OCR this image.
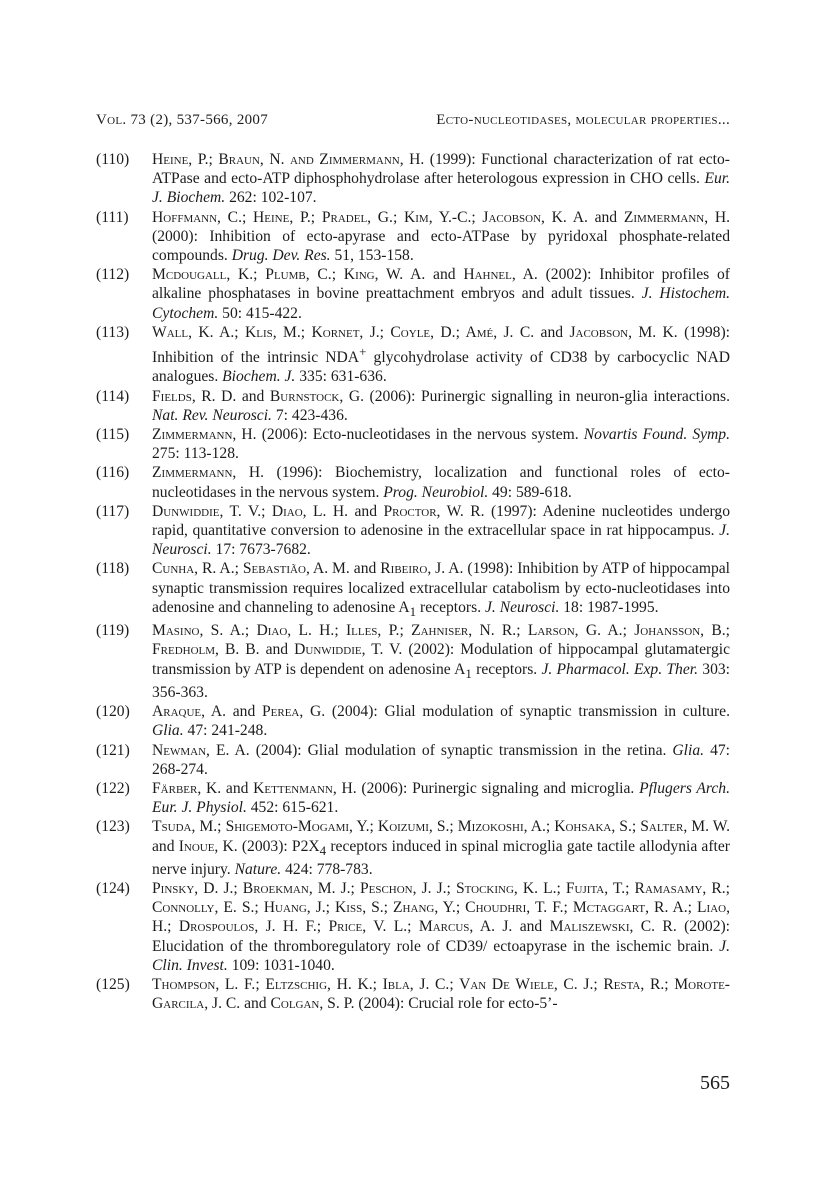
Vol. 73 (2), 537-566, 2007	Ecto-nucleotidases, molecular properties...
(110)	Heine, P.; Braun, N. and Zimmermann, H. (1999): Functional characterization of rat ecto-ATPase and ecto-ATP diphosphohydrolase after heterologous expression in CHO cells. Eur. J. Biochem. 262: 102-107.
(111)	Hoffmann, C.; Heine, P.; Pradel, G.; Kim, Y.-C.; Jacobson, K. A. and Zimmermann, H. (2000): Inhibition of ecto-apyrase and ecto-ATPase by pyridoxal phosphate-related compounds. Drug. Dev. Res. 51, 153-158.
(112)	Mcdougall, K.; Plumb, C.; King, W. A. and Hahnel, A. (2002): Inhibitor profiles of alkaline phosphatases in bovine preattachment embryos and adult tissues. J. Histochem. Cytochem. 50: 415-422.
(113)	Wall, K. A.; Klis, M.; Kornet, J.; Coyle, D.; Amé, J. C. and Jacobson, M. K. (1998): Inhibition of the intrinsic NDA+ glycohydrolase activity of CD38 by carbocyclic NAD analogues. Biochem. J. 335: 631-636.
(114)	Fields, R. D. and Burnstock, G. (2006): Purinergic signalling in neuron-glia interactions. Nat. Rev. Neurosci. 7: 423-436.
(115)	Zimmermann, H. (2006): Ecto-nucleotidases in the nervous system. Novartis Found. Symp. 275: 113-128.
(116)	Zimmermann, H. (1996): Biochemistry, localization and functional roles of ecto-nucleotidases in the nervous system. Prog. Neurobiol. 49: 589-618.
(117)	Dunwiddie, T. V.; Diao, L. H. and Proctor, W. R. (1997): Adenine nucleotides undergo rapid, quantitative conversion to adenosine in the extracellular space in rat hippocampus. J. Neurosci. 17: 7673-7682.
(118)	Cunha, R. A.; Sebastião, A. M. and Ribeiro, J. A. (1998): Inhibition by ATP of hippocampal synaptic transmission requires localized extracellular catabolism by ecto-nucleotidases into adenosine and channeling to adenosine $A_1$ receptors. J. Neurosci. 18: 1987-1995.
(119)	Masino, S. A.; Diao, L. H.; Illes, P.; Zahniser, N. R.; Larson, G. A.; Johansson, B.; Fredholm, B. B. and Dunwiddie, T. V. (2002): Modulation of hippocampal glutamatergic transmission by ATP is dependent on adenosine $A_1$ receptors. J. Pharmacol. Exp. Ther. 303: 356-363.
(120)	Araque, A. and Perea, G. (2004): Glial modulation of synaptic transmission in culture. Glia. 47: 241-248.
(121)	Newman, E. A. (2004): Glial modulation of synaptic transmission in the retina. Glia. 47: 268-274.
(122)	Färber, K. and Kettenmann, H. (2006): Purinergic signaling and microglia. Pflugers Arch. Eur. J. Physiol. 452: 615-621.
(123)	Tsuda, M.; Shigemoto-Mogami, Y.; Koizumi, S.; Mizokoshi, A.; Kohsaka, S.; Salter, M. W. and Inoue, K. (2003): $P2X_4$ receptors induced in spinal microglia gate tactile allodynia after nerve injury. Nature. 424: 778-783.
(124)	Pinsky, D. J.; Broekman, M. J.; Peschon, J. J.; Stocking, K. L.; Fujita, T.; Ramasamy, R.; Connolly, E. S.; Huang, J.; Kiss, S.; Zhang, Y.; Choudhri, T. F.; Mctaggart, R. A.; Liao, H.; Drospoulos, J. H. F.; Price, V. L.; Marcus, A. J. and Maliszewski, C. R. (2002): Elucidation of the thromboregulatory role of CD39/ ectoapyrase in the ischemic brain. J. Clin. Invest. 109: 1031-1040.
(125)	Thompson, L. F.; Eltzschig, H. K.; Ibla, J. C.; Van De Wiele, C. J.; Resta, R.; Morote-Garcila, J. C. and Colgan, S. P. (2004): Crucial role for ecto-5’-
565
